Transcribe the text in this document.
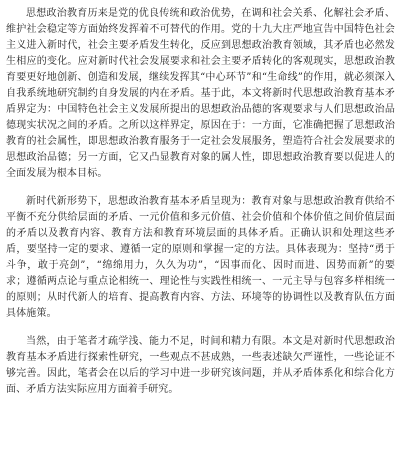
思想政治教育历来是党的优良传统和政治优势，在调和社会关系、化解社会矛盾、维护社会稳定等方面始终发挥着不可替代的作用。党的十九大庄严地宣告中国特色社会主义进入新时代，社会主要矛盾发生转化，反应到思想政治教育领域，其矛盾也必然发生相应的变化。应对新时代社会发展要求和社会主要矛盾转化的客观现实，思想政治教育要更好地创新、创造和发展，继续发挥其“中心环节”和“生命线”的作用，就必须深入自我系统地研究制约自身发展的内在矛盾。基于此，本文将新时代思想政治教育基本矛盾界定为：中国特色社会主义发展所提出的思想政治品德的客观要求与人们思想政治品德现实状况之间的矛盾。之所以这样界定，原因在于：一方面，它准确把握了思想政治教育的社会属性，即思想政治教育服务于一定社会发展服务，塑造符合社会发展要求的思想政治品德；另一方面，它又凸显教育对象的属人性，即思想政治教育要以促进人的全面发展为根本目标。

新时代新形势下，思想政治教育基本矛盾呈现为：教育对象与思想政治教育供给不平衡不充分供给层面的矛盾、一元价值和多元价值、社会价值和个体价值之间价值层面的矛盾以及教育内容、教育方法和教育环境层面的具体矛盾。正确认识和处理这些矛盾，要坚持一定的要求、遵循一定的原则和掌握一定的方法。具体表现为：坚持“勇于斗争，敢于亮剑”，“绵绵用力，久久为功”，“因事而化、因时而进、因势而新”的要求；遵循两点论与重点论相统一、理论性与实践性相统一、一元主导与包容多样相统一的原则；从时代新人的培育、提高教育内容、方法、环境等的协调性以及教育队伍方面具体施策。

当然，由于笔者才疏学浅、能力不足，时间和精力有限。本文是对新时代思想政治教育基本矛盾进行探索性研究，一些观点不甚成熟，一些表述缺欠严谨性，一些论证不够完善。因此，笔者会在以后的学习中进一步研究该问题，并从矛盾体系化和综合化方面、矛盾方法实际应用方面着手研究。
